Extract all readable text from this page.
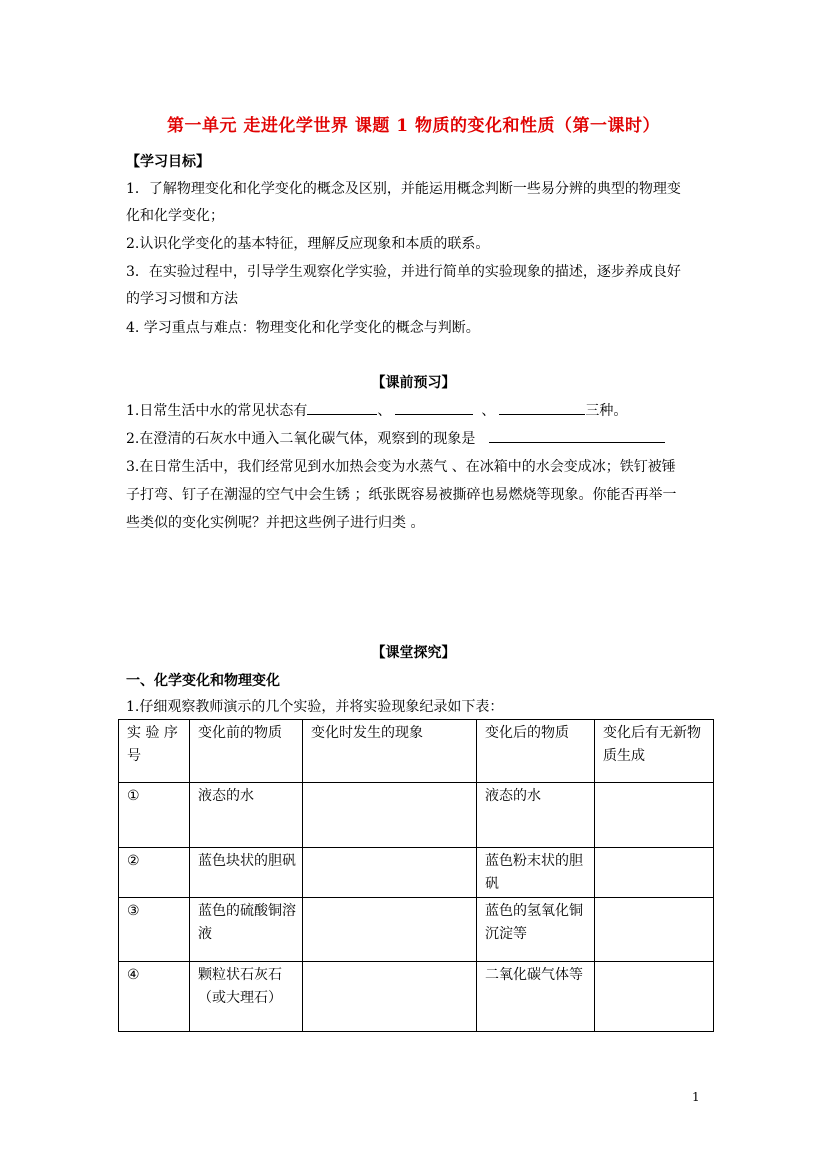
第一单元 走进化学世界 课题 1 物质的变化和性质（第一课时）
【学习目标】
1．了解物理变化和化学变化的概念及区别，并能运用概念判断一些易分辨的典型的物理变
化和化学变化；
2.认识化学变化的基本特征，理解反应现象和本质的联系。
3．在实验过程中，引导学生观察化学实验，并进行简单的实验现象的描述，逐步养成良好
的学习习惯和方法
4. 学习重点与难点：物理变化和化学变化的概念与判断。
【课前预习】
1.日常生活中水的常见状态有	、	、	三种。
2.在澄清的石灰水中通入二氧化碳气体，观察到的现象是
3.在日常生活中，我们经常见到水加热会变为水蒸气 、在冰箱中的水会变成冰；铁钉被锤
子打弯、钉子在潮湿的空气中会生锈 ；纸张既容易被撕碎也易燃烧等现象。你能否再举一
些类似的变化实例呢？并把这些例子进行归类 。
【课堂探究】
一、化学变化和物理变化
1.仔细观察教师演示的几个实验，并将实验现象纪录如下表：
实 验 序号	变化前的物质	变化时发生的现象	变化后的物质	变化后有无新物质生成
①	液态的水		液态的水	
②	蓝色块状的胆矾		蓝色粉末状的胆矾	
③	蓝色的硫酸铜溶液		蓝色的氢氧化铜沉淀等	
④	颗粒状石灰石（或大理石）		二氧化碳气体等	
1
